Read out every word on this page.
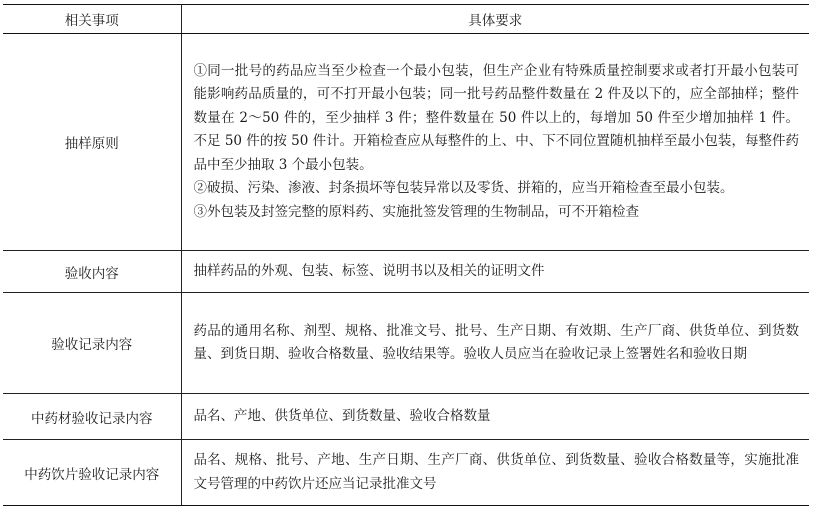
相关事项	具体要求
抽样原则	①同一批号的药品应当至少检查一个最小包装，但生产企业有特殊质量控制要求或者打开最小包装可能影响药品质量的，可不打开最小包装；同一批号药品整件数量在 2 件及以下的，应全部抽样；整件数量在 2～50 件的，至少抽样 3 件；整件数量在 50 件以上的，每增加 50 件至少增加抽样 1 件。不足 50 件的按 50 件计。开箱检查应从每整件的上、中、下不同位置随机抽样至最小包装，每整件药品中至少抽取 3 个最小包装。
②破损、污染、渗液、封条损坏等包装异常以及零货、拼箱的，应当开箱检查至最小包装。
③外包装及封签完整的原料药、实施批签发管理的生物制品，可不开箱检查

验收内容	抽样药品的外观、包装、标签、说明书以及相关的证明文件

验收记录内容	药品的通用名称、剂型、规格、批准文号、批号、生产日期、有效期、生产厂商、供货单位、到货数量、到货日期、验收合格数量、验收结果等。验收人员应当在验收记录上签署姓名和验收日期

中药材验收记录内容	品名、产地、供货单位、到货数量、验收合格数量

中药饮片验收记录内容	品名、规格、批号、产地、生产日期、生产厂商、供货单位、到货数量、验收合格数量等，实施批准文号管理的中药饮片还应当记录批准文号
